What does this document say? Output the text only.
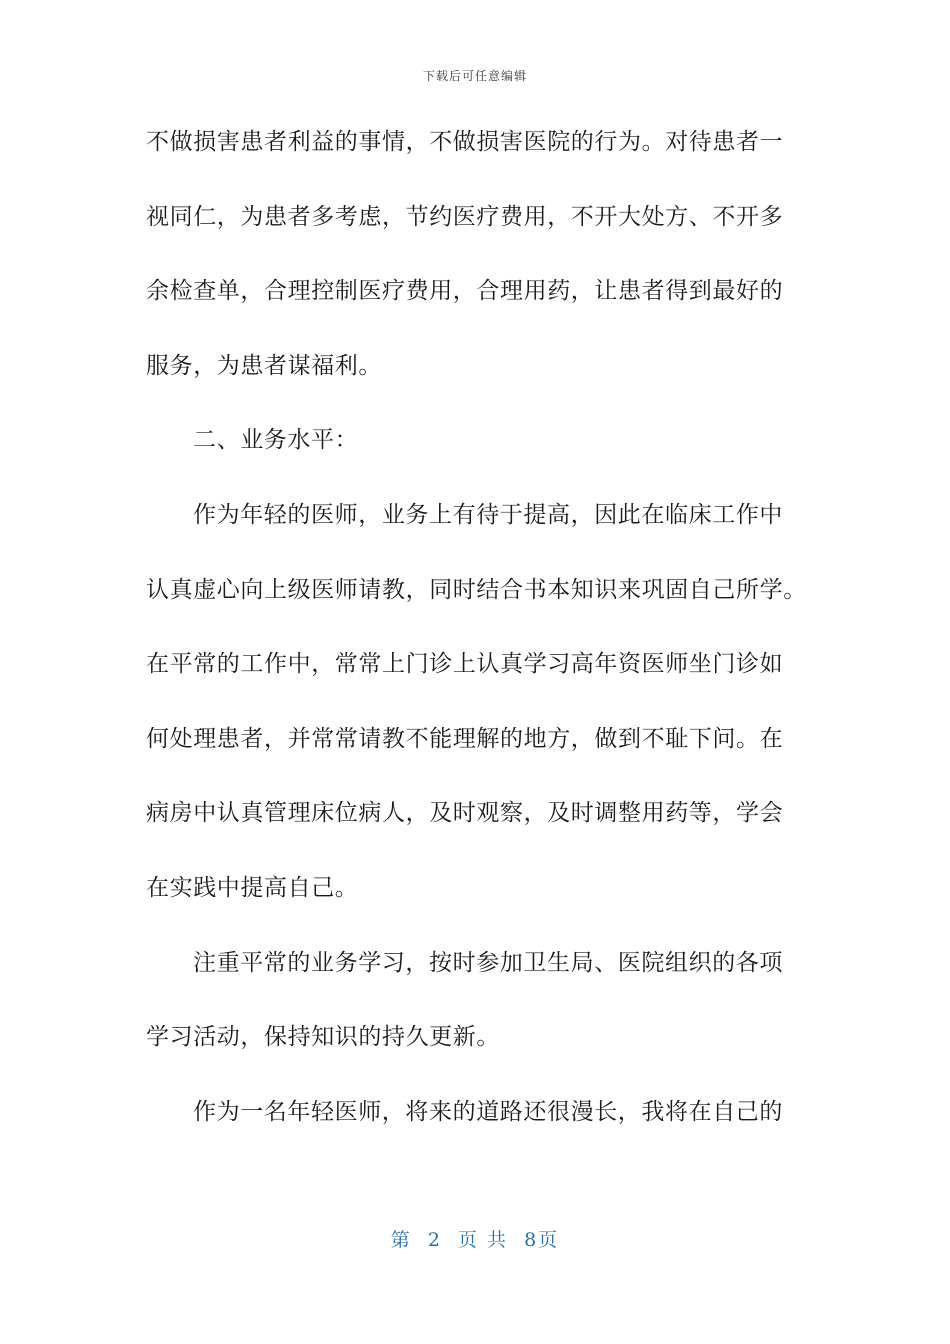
下载后可任意编辑
不做损害患者利益的事情，不做损害医院的行为。对待患者一
视同仁，为患者多考虑，节约医疗费用，不开大处方、不开多
余检查单，合理控制医疗费用，合理用药，让患者得到最好的
服务，为患者谋福利。
二、业务水平：
作为年轻的医师，业务上有待于提高，因此在临床工作中
认真虚心向上级医师请教，同时结合书本知识来巩固自己所学。
在平常的工作中，常常上门诊上认真学习高年资医师坐门诊如
何处理患者，并常常请教不能理解的地方，做到不耻下问。在
病房中认真管理床位病人，及时观察，及时调整用药等，学会
在实践中提高自己。
注重平常的业务学习，按时参加卫生局、医院组织的各项
学习活动，保持知识的持久更新。
作为一名年轻医师，将来的道路还很漫长，我将在自己的
第 2 页 共 8页
